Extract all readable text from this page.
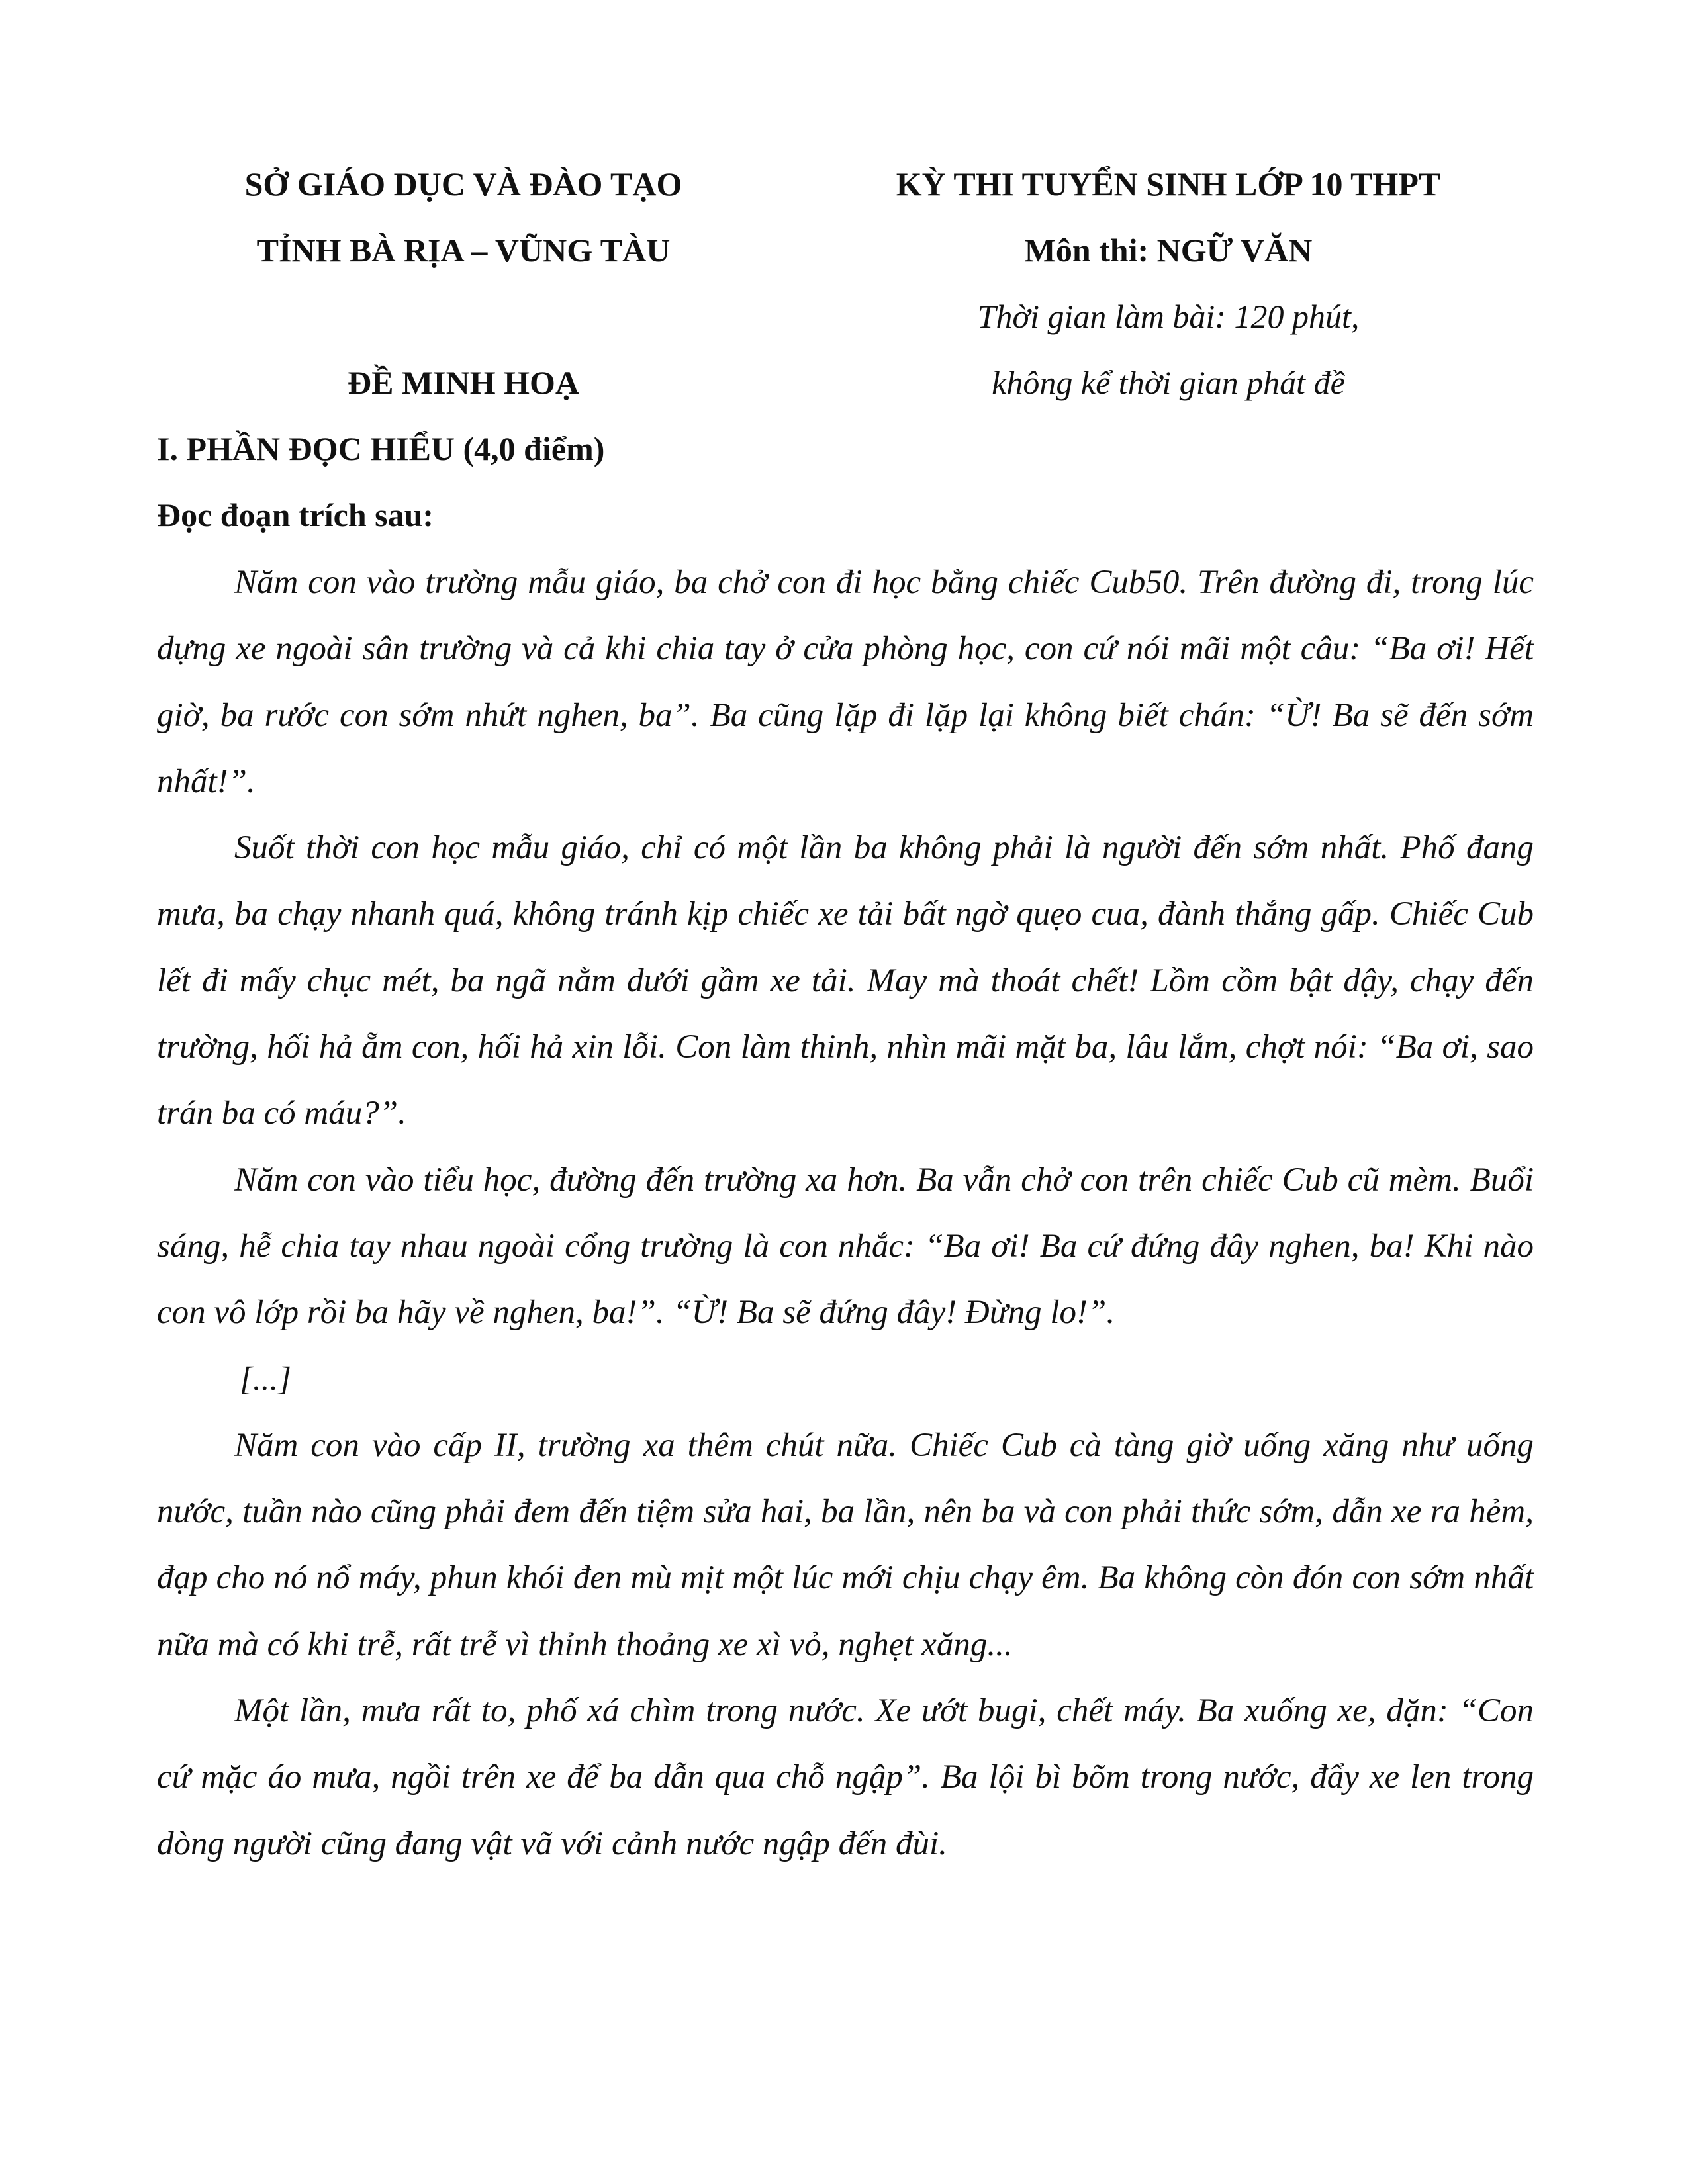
SỞ GIÁO DỤC VÀ ĐÀO TẠO
TỈNH BÀ RỊA – VŨNG TÀU
KỲ THI TUYỂN SINH LỚP 10 THPT
Môn thi: NGỮ VĂN
Thời gian làm bài: 120 phút,
không kể thời gian phát đề
ĐỀ MINH HOẠ
I. PHẦN ĐỌC HIỂU (4,0 điểm)
Đọc đoạn trích sau:

Năm con vào trường mẫu giáo, ba chở con đi học bằng chiếc Cub50. Trên đường đi, trong lúc dựng xe ngoài sân trường và cả khi chia tay ở cửa phòng học, con cứ nói mãi một câu: “Ba ơi! Hết giờ, ba rước con sớm nhứt nghen, ba”. Ba cũng lặp đi lặp lại không biết chán: “Ừ! Ba sẽ đến sớm nhất!”.

Suốt thời con học mẫu giáo, chỉ có một lần ba không phải là người đến sớm nhất. Phố đang mưa, ba chạy nhanh quá, không tránh kịp chiếc xe tải bất ngờ quẹo cua, đành thắng gấp. Chiếc Cub lết đi mấy chục mét, ba ngã nằm dưới gầm xe tải. May mà thoát chết! Lồm cồm bật dậy, chạy đến trường, hối hả ẵm con, hối hả xin lỗi. Con làm thinh, nhìn mãi mặt ba, lâu lắm, chợt nói: “Ba ơi, sao trán ba có máu?”.

Năm con vào tiểu học, đường đến trường xa hơn. Ba vẫn chở con trên chiếc Cub cũ mèm. Buổi sáng, hễ chia tay nhau ngoài cổng trường là con nhắc: “Ba ơi! Ba cứ đứng đây nghen, ba! Khi nào con vô lớp rồi ba hãy về nghen, ba!”. “Ừ! Ba sẽ đứng đây! Đừng lo!”.

[...]

Năm con vào cấp II, trường xa thêm chút nữa. Chiếc Cub cà tàng giờ uống xăng như uống nước, tuần nào cũng phải đem đến tiệm sửa hai, ba lần, nên ba và con phải thức sớm, dẫn xe ra hẻm, đạp cho nó nổ máy, phun khói đen mù mịt một lúc mới chịu chạy êm. Ba không còn đón con sớm nhất nữa mà có khi trễ, rất trễ vì thỉnh thoảng xe xì vỏ, nghẹt xăng...

Một lần, mưa rất to, phố xá chìm trong nước. Xe ướt bugi, chết máy. Ba xuống xe, dặn: “Con cứ mặc áo mưa, ngồi trên xe để ba dẫn qua chỗ ngập”. Ba lội bì bõm trong nước, đẩy xe len trong dòng người cũng đang vật vã với cảnh nước ngập đến đùi.
